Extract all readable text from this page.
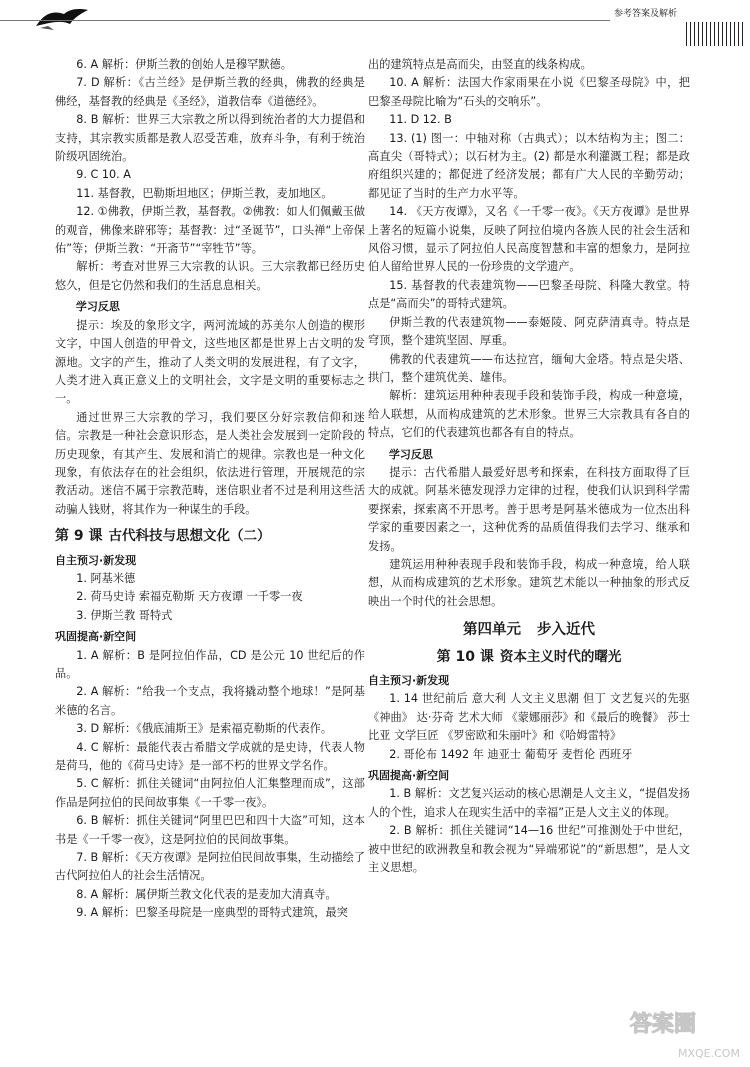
参考答案及解析

6. A 解析：伊斯兰教的创始人是穆罕默德。

7. D 解析：《古兰经》是伊斯兰教的经典，佛教的经典是佛经，基督教的经典是《圣经》，道教信奉《道德经》。

8. B 解析：世界三大宗教之所以得到统治者的大力提倡和支持，其宗教实质都是教人忍受苦难，放弃斗争，有利于统治阶级巩固统治。

9. C 10. A

11. 基督教，巴勒斯坦地区；伊斯兰教，麦加地区。

12. ①佛教，伊斯兰教，基督教。②佛教：如人们佩戴玉做的观音，佛像来辟邪等；基督教：过“圣诞节”，口头禅“上帝保佑”等；伊斯兰教：“开斋节”“宰牲节”等。

解析：考查对世界三大宗教的认识。三大宗教都已经历史悠久，但是它仍然和我们的生活息息相关。

学习反思

提示：埃及的象形文字，两河流域的苏美尔人创造的楔形文字，中国人创造的甲骨文，这些地区都是世界上古文明的发源地。文字的产生，推动了人类文明的发展进程，有了文字，人类才进入真正意义上的文明社会，文字是文明的重要标志之一。

通过世界三大宗教的学习，我们要区分好宗教信仰和迷信。宗教是一种社会意识形态，是人类社会发展到一定阶段的历史现象，有其产生、发展和消亡的规律。宗教也是一种文化现象，有依法存在的社会组织，依法进行管理，开展规范的宗教活动。迷信不属于宗教范畴，迷信职业者不过是利用这些活动骗人钱财，将其作为一种谋生的手段。

第 9 课 古代科技与思想文化（二）

自主预习·新发现

1. 阿基米德

2. 荷马史诗 索福克勒斯 天方夜谭 一千零一夜

3. 伊斯兰教 哥特式

巩固提高·新空间

1. A 解析：B 是阿拉伯作品，CD 是公元 10 世纪后的作品。

2. A 解析：“给我一个支点，我将撬动整个地球！”是阿基米德的名言。

3. D 解析：《俄底浦斯王》是索福克勒斯的代表作。

4. C 解析：最能代表古希腊文学成就的是史诗，代表人物是荷马，他的《荷马史诗》是一部不朽的世界文学名作。

5. C 解析：抓住关键词“由阿拉伯人汇集整理而成”，这部作品是阿拉伯的民间故事集《一千零一夜》。

6. B 解析：抓住关键词“阿里巴巴和四十大盗”可知，这本书是《一千零一夜》，这是阿拉伯的民间故事集。

7. B 解析：《天方夜谭》是阿拉伯民间故事集，生动描绘了古代阿拉伯人的社会生活情况。

8. A 解析：属伊斯兰教文化代表的是麦加大清真寺。

9. A 解析：巴黎圣母院是一座典型的哥特式建筑，最突

出的建筑特点是高而尖，由竖直的线条构成。

10. A 解析：法国大作家雨果在小说《巴黎圣母院》中，把巴黎圣母院比喻为“石头的交响乐”。

11. D 12. B

13. (1) 图一：中轴对称（古典式）；以木结构为主；图二：高直尖（哥特式）；以石材为主。(2) 都是水利灌溉工程；都是政府组织兴建的；都促进了经济发展；都有广大人民的辛勤劳动；都见证了当时的生产力水平等。

14. 《天方夜谭》，又名《一千零一夜》。《天方夜谭》是世界上著名的短篇小说集，反映了阿拉伯境内各族人民的社会生活和风俗习惯，显示了阿拉伯人民高度智慧和丰富的想象力，是阿拉伯人留给世界人民的一份珍贵的文学遗产。

15. 基督教的代表建筑物——巴黎圣母院、科隆大教堂。特点是“高而尖”的哥特式建筑。

伊斯兰教的代表建筑物——泰姬陵、阿克萨清真寺。特点是穹顶，整个建筑坚固、厚重。

佛教的代表建筑——布达拉宫，缅甸大金塔。特点是尖塔、拱门，整个建筑优美、雄伟。

解析：建筑运用种种表现手段和装饰手段，构成一种意境，给人联想，从而构成建筑的艺术形象。世界三大宗教具有各自的特点，它们的代表建筑也都各有自的特点。

学习反思

提示：古代希腊人最爱好思考和探索，在科技方面取得了巨大的成就。阿基米德发现浮力定律的过程，使我们认识到科学需要探索，探索离不开思考。善于思考是阿基米德成为一位杰出科学家的重要因素之一，这种优秀的品质值得我们去学习、继承和发扬。

建筑运用种种表现手段和装饰手段，构成一种意境，给人联想，从而构成建筑的艺术形象。建筑艺术能以一种抽象的形式反映出一个时代的社会思想。

第四单元 步入近代

第 10 课 资本主义时代的曙光

自主预习·新发现

1. 14 世纪前后 意大利 人文主义思潮 但丁 文艺复兴的先驱 《神曲》 达·芬奇 艺术大师 《蒙娜丽莎》和《最后的晚餐》 莎士比亚 文学巨匠 《罗密欧和朱丽叶》和《哈姆雷特》

2. 哥伦布 1492 年 迪亚士 葡萄牙 麦哲伦 西班牙

巩固提高·新空间

1. B 解析：文艺复兴运动的核心思潮是人文主义，“提倡发扬人的个性，追求人在现实生活中的幸福”正是人文主义的体现。

2. B 解析：抓住关键词“14—16 世纪”可推测处于中世纪，被中世纪的欧洲教皇和教会视为“异端邪说”的“新思想”，是人文主义思想。

答案圈
MXQE.COM
